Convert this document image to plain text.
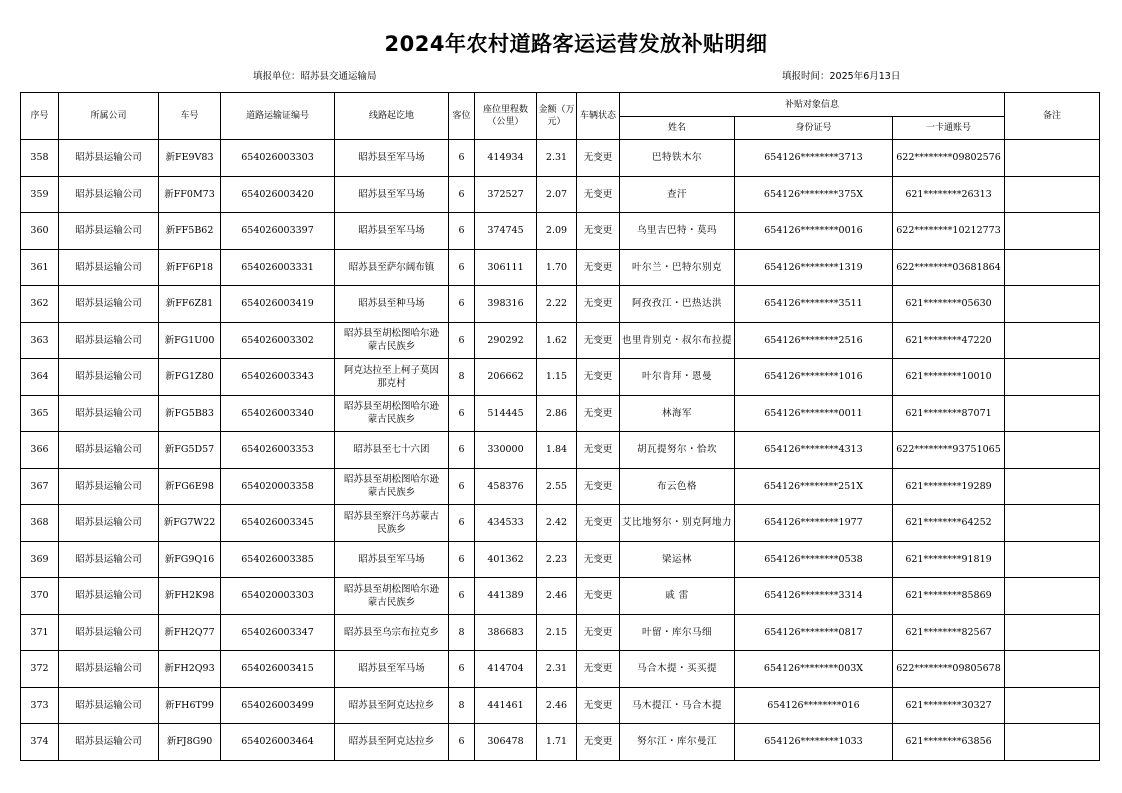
2024年农村道路客运运营发放补贴明细
填报单位：昭苏县交通运输局	填报时间：2025年6月13日
序号	所属公司	车号	道路运输证编号	线路起讫地	客位	座位里程数（公里）	金额（万元）	车辆状态	补贴对象信息			备注
									姓名	身份证号	一卡通账号	
358	昭苏县运输公司	新FE9V83	654026003303	昭苏县至军马场	6	414934	2.31	无变更	巴特铁木尔	654126********3713	622********09802576	
359	昭苏县运输公司	新FF0M73	654026003420	昭苏县至军马场	6	372527	2.07	无变更	查汗	654126********375X	621********26313	
360	昭苏县运输公司	新FF5B62	654026003397	昭苏县至军马场	6	374745	2.09	无变更	乌里吉巴特・莫玛	654126********0016	622********10212773	
361	昭苏县运输公司	新FF6P18	654026003331	昭苏县至萨尔阔布镇	6	306111	1.70	无变更	叶尔兰・巴特尔别克	654126********1319	622********03681864	
362	昭苏县运输公司	新FF6Z81	654026003419	昭苏县至种马场	6	398316	2.22	无变更	阿孜孜江・巴热达洪	654126********3511	621********05630	
363	昭苏县运输公司	新FG1U00	654026003302	昭苏县至胡松图哈尔逊蒙古民族乡	6	290292	1.62	无变更	也里肯别克・叔尔布拉提	654126********2516	621********47220	
364	昭苏县运输公司	新FG1Z80	654026003343	阿克达拉至上柯子莫因那克村	8	206662	1.15	无变更	叶尔肯拜・恩曼	654126********1016	621********10010	
365	昭苏县运输公司	新FG5B83	654026003340	昭苏县至胡松图哈尔逊蒙古民族乡	6	514445	2.86	无变更	林海军	654126********0011	621********87071	
366	昭苏县运输公司	新FG5D57	654026003353	昭苏县至七十六团	6	330000	1.84	无变更	胡瓦提努尔・恰坎	654126********4313	622********93751065	
367	昭苏县运输公司	新FG6E98	654020003358	昭苏县至胡松图哈尔逊蒙古民族乡	6	458376	2.55	无变更	布云色格	654126********251X	621********19289	
368	昭苏县运输公司	新FG7W22	654026003345	昭苏县至察汗乌苏蒙古民族乡	6	434533	2.42	无变更	艾比地努尔・别克阿地力	654126********1977	621********64252	
369	昭苏县运输公司	新FG9Q16	654026003385	昭苏县至军马场	6	401362	2.23	无变更	梁运林	654126********0538	621********91819	
370	昭苏县运输公司	新FH2K98	654020003303	昭苏县至胡松图哈尔逊蒙古民族乡	6	441389	2.46	无变更	戚 雷	654126********3314	621********85869	
371	昭苏县运输公司	新FH2Q77	654026003347	昭苏县至乌宗布拉克乡	8	386683	2.15	无变更	叶留・库尔马细	654126********0817	621********82567	
372	昭苏县运输公司	新FH2Q93	654026003415	昭苏县至军马场	6	414704	2.31	无变更	马合木提・买买提	654126********003X	622********09805678	
373	昭苏县运输公司	新FH6T99	654026003499	昭苏县至阿克达拉乡	8	441461	2.46	无变更	马木提江・马合木提	654126********016	621********30327	
374	昭苏县运输公司	新FJ8G90	654026003464	昭苏县至阿克达拉乡	6	306478	1.71	无变更	努尔江・库尔曼江	654126********1033	621********63856	
